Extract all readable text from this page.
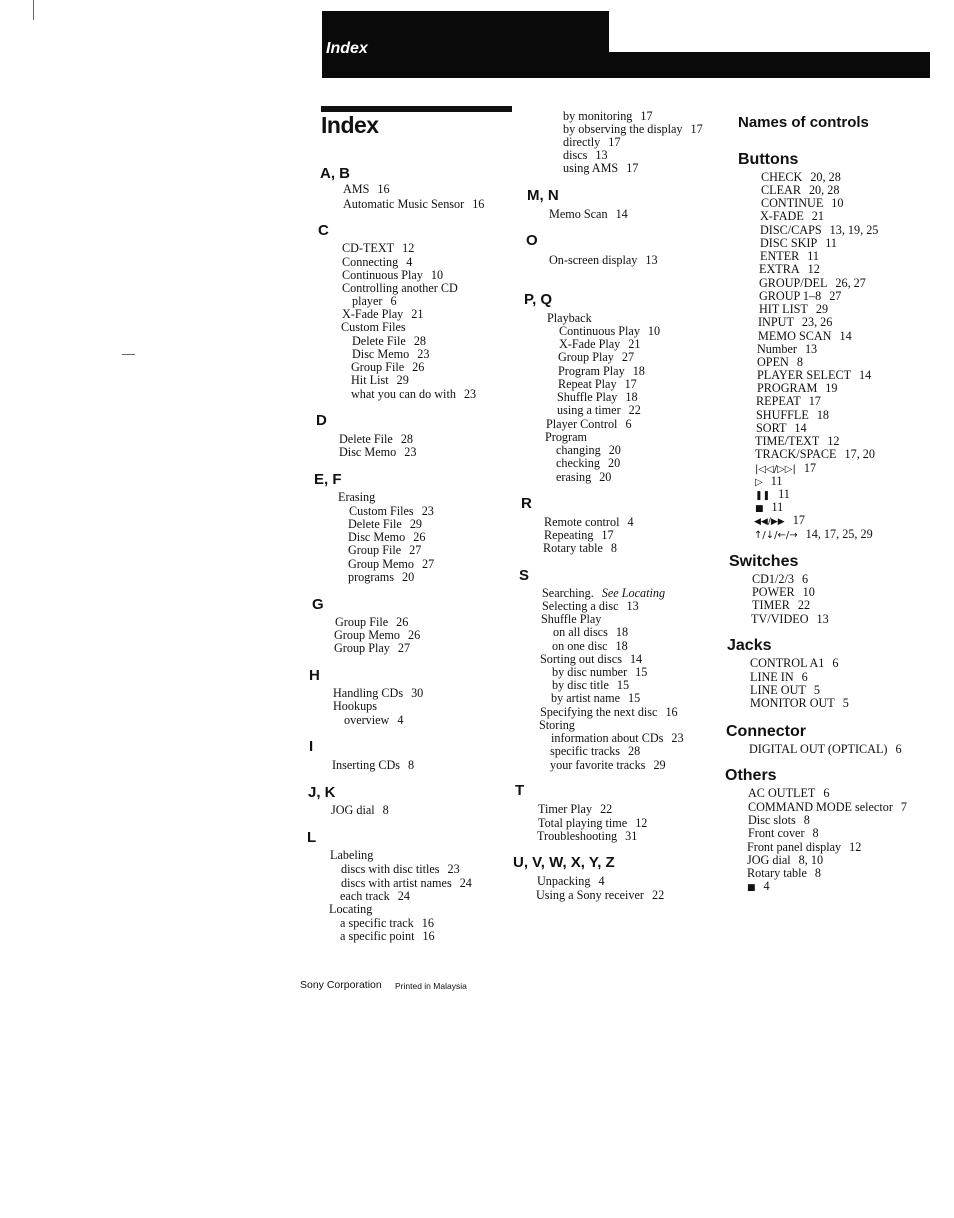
Index
Index
A, B
AMS 16
Automatic Music Sensor 16
C
CD-TEXT 12
Connecting 4
Continuous Play 10
Controlling another CD
player 6
X-Fade Play 21
Custom Files
Delete File 28
Disc Memo 23
Group File 26
Hit List 29
what you can do with 23
D
Delete File 28
Disc Memo 23
E, F
Erasing
Custom Files 23
Delete File 29
Disc Memo 26
Group File 27
Group Memo 27
programs 20
G
Group File 26
Group Memo 26
Group Play 27
H
Handling CDs 30
Hookups
overview 4
I
Inserting CDs 8
J, K
JOG dial 8
L
Labeling
discs with disc titles 23
discs with artist names 24
each track 24
Locating
a specific track 16
a specific point 16
by monitoring 17
by observing the display 17
directly 17
discs 13
using AMS 17
M, N
Memo Scan 14
O
On-screen display 13
P, Q
Playback
Continuous Play 10
X-Fade Play 21
Group Play 27
Program Play 18
Repeat Play 17
Shuffle Play 18
using a timer 22
Player Control 6
Program
changing 20
checking 20
erasing 20
R
Remote control 4
Repeating 17
Rotary table 8
S
Searching. See Locating
Selecting a disc 13
Shuffle Play
on all discs 18
on one disc 18
Sorting out discs 14
by disc number 15
by disc title 15
by artist name 15
Specifying the next disc 16
Storing
information about CDs 23
specific tracks 28
your favorite tracks 29
T
Timer Play 22
Total playing time 12
Troubleshooting 31
U, V, W, X, Y, Z
Unpacking 4
Using a Sony receiver 22
Names of controls
Buttons
CHECK 20, 28
CLEAR 20, 28
CONTINUE 10
X-FADE 21
DISC/CAPS 13, 19, 25
DISC SKIP 11
ENTER 11
EXTRA 12
GROUP/DEL 26, 27
GROUP 1–8 27
HIT LIST 29
INPUT 23, 26
MEMO SCAN 14
Number 13
OPEN 8
PLAYER SELECT 14
PROGRAM 19
REPEAT 17
SHUFFLE 18
SORT 14
TIME/TEXT 12
TRACK/SPACE 17, 20
|◁◁/▷▷| 17
▷ 11
❚❚ 11
■ 11
◀◀/▶▶ 17
↑/↓/←/→ 14, 17, 25, 29
Switches
CD1/2/3 6
POWER 10
TIMER 22
TV/VIDEO 13
Jacks
CONTROL A1 6
LINE IN 6
LINE OUT 5
MONITOR OUT 5
Connector
DIGITAL OUT (OPTICAL) 6
Others
AC OUTLET 6
COMMAND MODE selector 7
Disc slots 8
Front cover 8
Front panel display 12
JOG dial 8, 10
Rotary table 8
■ 4
Sony Corporation Printed in Malaysia
